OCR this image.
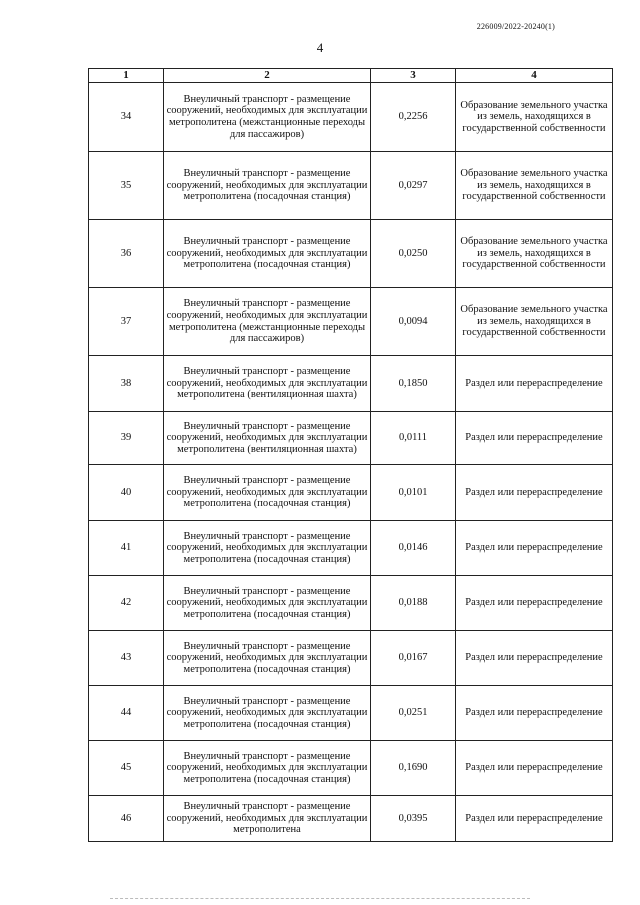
226009/2022-20240(1)
4
1	2	3	4
34	Внеуличный транспорт - размещение сооружений, необходимых для эксплуатации метрополитена (межстанционные переходы для пассажиров)	0,2256	Образование земельного участка из земель, находящихся в государственной собственности
35	Внеуличный транспорт - размещение сооружений, необходимых для эксплуатации метрополитена (посадочная станция)	0,0297	Образование земельного участка из земель, находящихся в государственной собственности
36	Внеуличный транспорт - размещение сооружений, необходимых для эксплуатации метрополитена (посадочная станция)	0,0250	Образование земельного участка из земель, находящихся в государственной собственности
37	Внеуличный транспорт - размещение сооружений, необходимых для эксплуатации метрополитена (межстанционные переходы для пассажиров)	0,0094	Образование земельного участка из земель, находящихся в государственной собственности
38	Внеуличный транспорт - размещение сооружений, необходимых для эксплуатации метрополитена (вентиляционная шахта)	0,1850	Раздел или перераспределение
39	Внеуличный транспорт - размещение сооружений, необходимых для эксплуатации метрополитена (вентиляционная шахта)	0,0111	Раздел или перераспределение
40	Внеуличный транспорт - размещение сооружений, необходимых для эксплуатации метрополитена (посадочная станция)	0,0101	Раздел или перераспределение
41	Внеуличный транспорт - размещение сооружений, необходимых для эксплуатации метрополитена (посадочная станция)	0,0146	Раздел или перераспределение
42	Внеуличный транспорт - размещение сооружений, необходимых для эксплуатации метрополитена (посадочная станция)	0,0188	Раздел или перераспределение
43	Внеуличный транспорт - размещение сооружений, необходимых для эксплуатации метрополитена (посадочная станция)	0,0167	Раздел или перераспределение
44	Внеуличный транспорт - размещение сооружений, необходимых для эксплуатации метрополитена (посадочная станция)	0,0251	Раздел или перераспределение
45	Внеуличный транспорт - размещение сооружений, необходимых для эксплуатации метрополитена (посадочная станция)	0,1690	Раздел или перераспределение
46	Внеуличный транспорт - размещение сооружений, необходимых для эксплуатации метрополитена	0,0395	Раздел или перераспределение
